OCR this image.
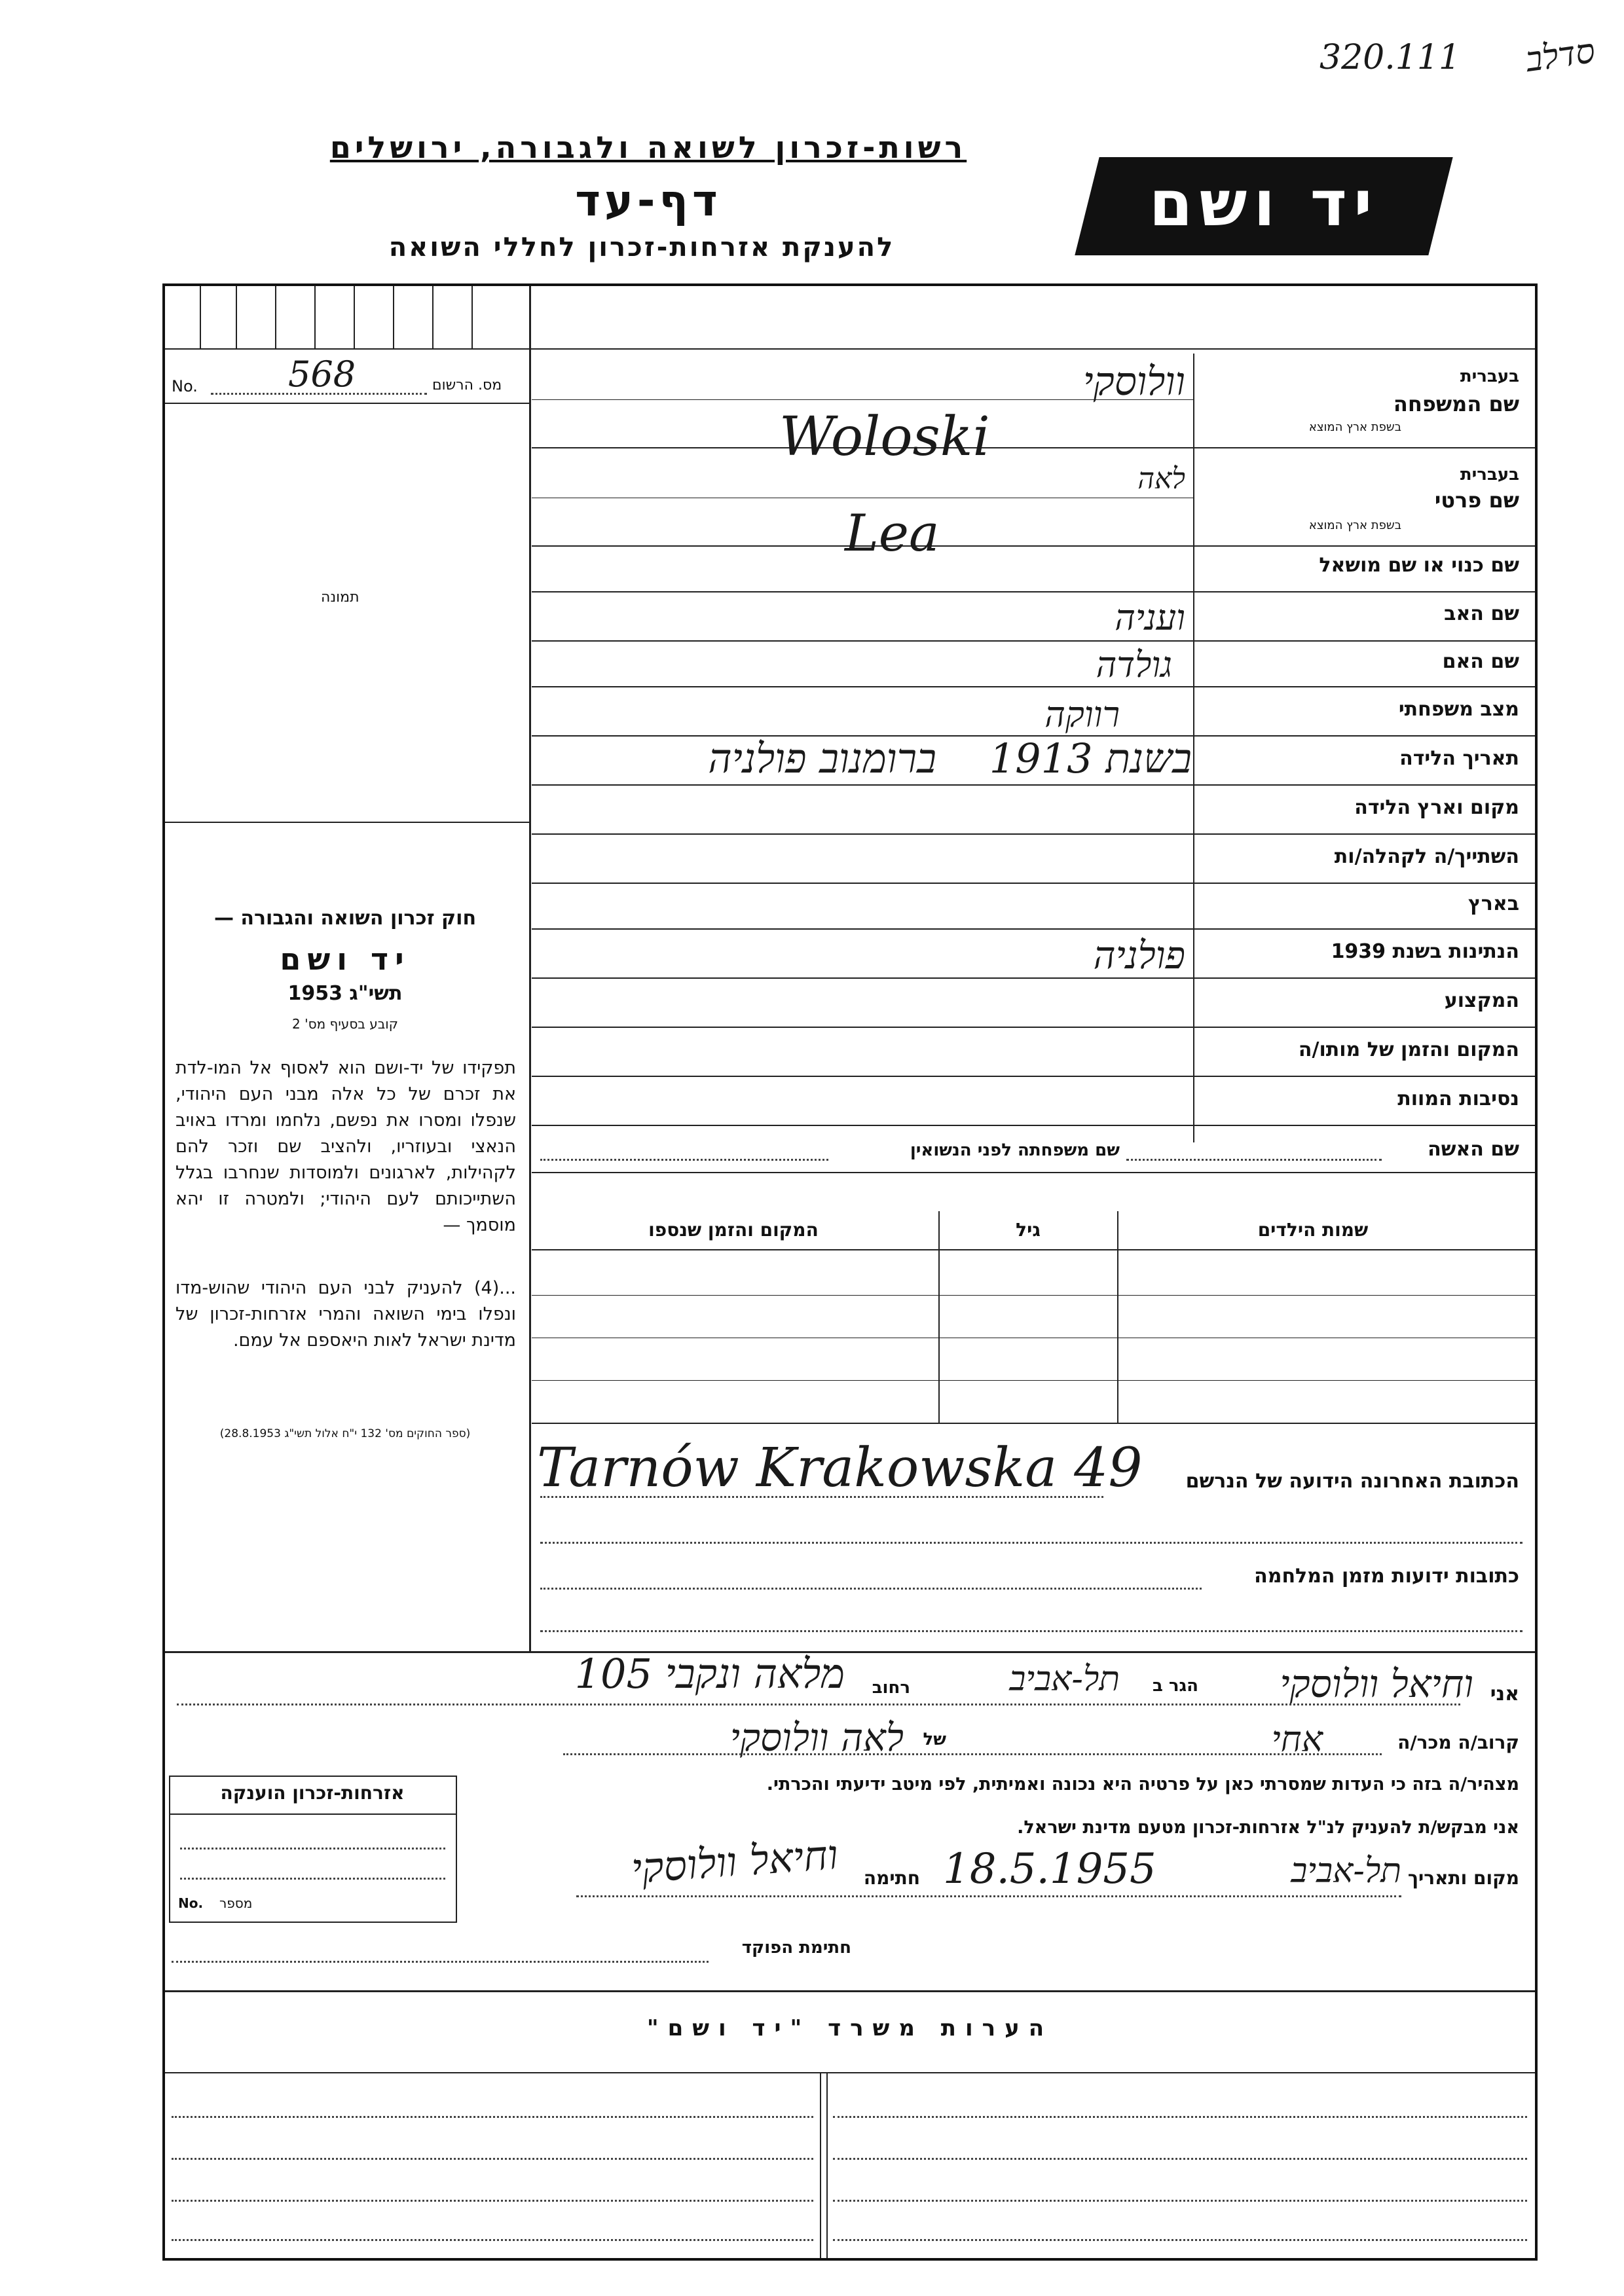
320.111 סדלב
רשות-זכרון לשואה ולגבורה, ירושלים
דף-עד
להענקת אזרחות-זכרון לחללי השואה
יד ושם
No.	568	מס. הרשום
תמונה
בעברית
שם המשפחה
בשפת ארץ המוצא
בעברית
שם פרטי
בשפת ארץ המוצא
שם כנוי או שם מושאל
שם האב
שם האם
מצב משפחתי
תאריך הלידה
מקום וארץ הלידה
השתייך/ה לקהלה/ות
בארץ
הנתינות בשנת 1939
המקצוע
המקום והזמן של מותו/ה
נסיבות המוות
וולוסקי
Woloski
לאה
Lea
ועניה
גולדה
רווקה
בשנת 1913
ברומנוב פולניה
פולניה
שם האשה
שם משפחתה לפני הנשואין
שמות הילדים
גיל
המקום והזמן שנספו
הכתובת האחרונה הידועה של הנרשם
Tarnów Krakowska 49
כתובות ידועות מזמן המלחמה
חוק זכרון השואה והגבורה —
יד ושם
תשי"ג 1953
קובע בסעיף מס' 2
תפקידו של יד-ושם הוא לאסוף אל המו-לדת את זכרם של כל אלה מבני העם היהודי, שנפלו ומסרו את נפשם, נלחמו ומרדו באויב הנאצי ובעוזריו, ולהציב שם וזכר להם לקהילות, לארגונים ולמוסדות שנחרבו בגלל השתייכותם לעם היהודי; ולמטרה זו יהא מוסמך —
...(4) להעניק לבני העם היהודי שהוש-מדו ונפלו בימי השואה והמרי אזרחות-זכרון של מדינת ישראל לאות היאספם אל עמם.
(ספר החוקים מס' 132 י"ח אלול תשי"ג 28.8.1953)
אני
וחיאל וולוסקי
הגר ב
תל-אביב
רחוב
מלאה ונקבי 105
קרוב/ה מכר/ה
אחי
של
לאה וולוסקי
מצהיר/ה בזה כי העדות שמסרתי כאן על פרטיה היא נכונה ואמיתית, לפי מיטב ידיעתי והכרתי.
אני מבקש/ת להעניק לנ"ל אזרחות-זכרון מטעם מדינת ישראל.
מקום ותאריך
תל-אביב
18.5.1955
חתימה
וחיאל וולוסקי
חתימת הפוקד
אזרחות-זכרון הוענקה
No. מספר
הערות משרד "יד ושם"
